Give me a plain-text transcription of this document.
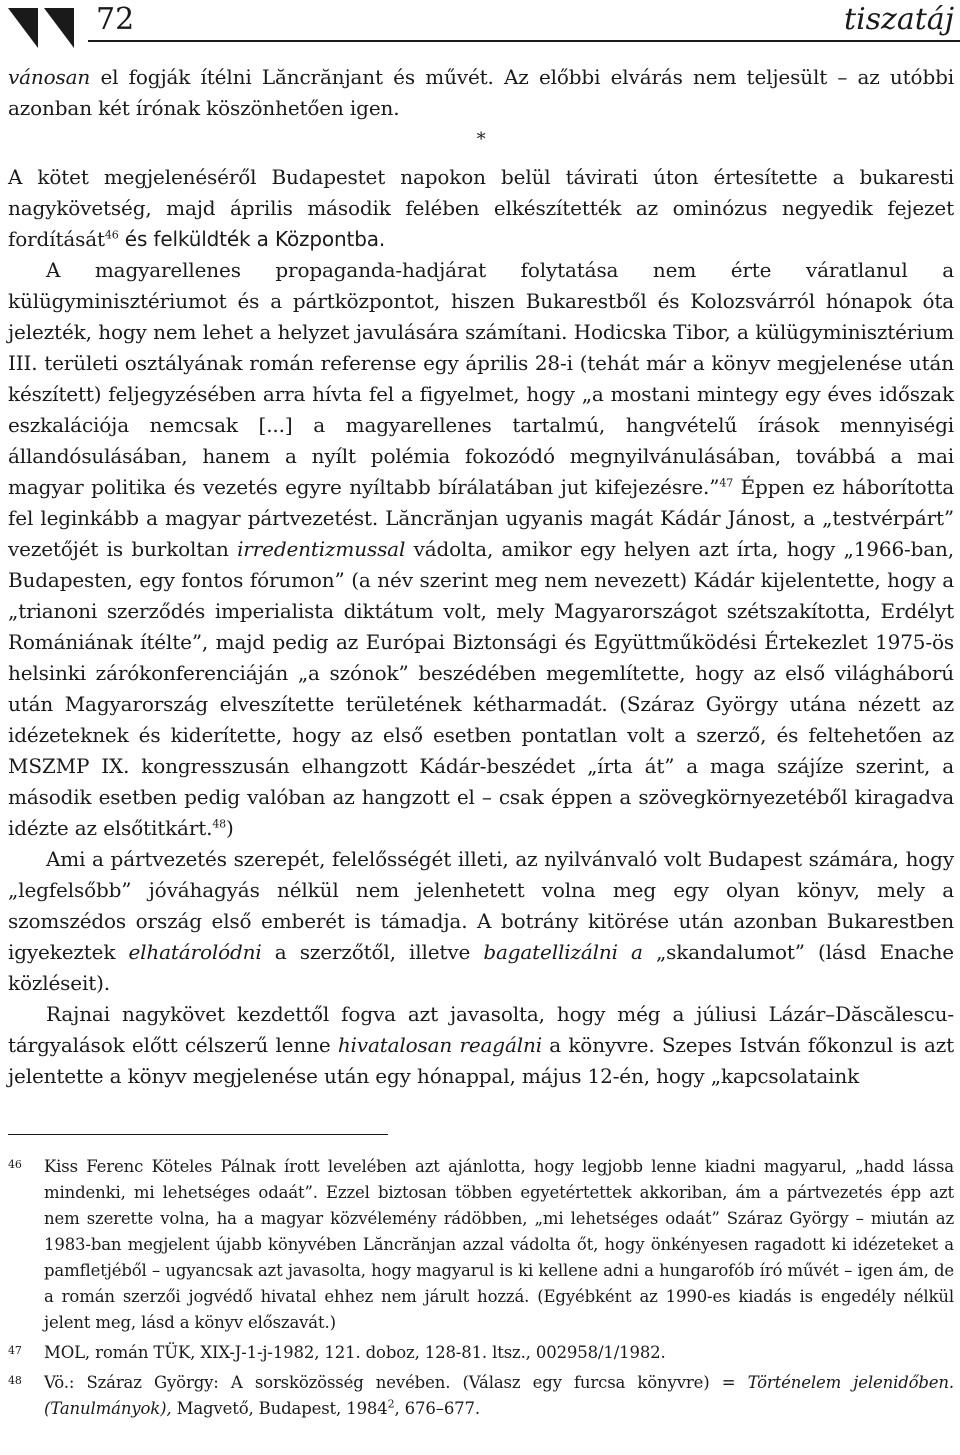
72	tiszatáj

vánosan el fogják ítélni Lăncrănjant és művét. Az előbbi elvárás nem teljesült – az utóbbi azonban két írónak köszönhetően igen.

*

A kötet megjelenéséről Budapestet napokon belül távirati úton értesítette a bukaresti nagykövetség, majd április második felében elkészítették az ominózus negyedik fejezet fordítását$^{46}$ és felküldték a Központba.

A magyarellenes propaganda-hadjárat folytatása nem érte váratlanul a külügyminisztériumot és a pártközpontot, hiszen Bukarestből és Kolozsvárról hónapok óta jelezték, hogy nem lehet a helyzet javulására számítani. Hodicska Tibor, a külügyminisztérium III. területi osztályának román referense egy április 28-i (tehát már a könyv megjelenése után készített) feljegyzésében arra hívta fel a figyelmet, hogy „a mostani mintegy egy éves időszak eszkalációja nemcsak [...] a magyarellenes tartalmú, hangvételű írások mennyiségi állandósulásában, hanem a nyílt polémia fokozódó megnyilvánulásában, továbbá a mai magyar politika és vezetés egyre nyíltabb bírálatában jut kifejezésre.”$^{47}$ Éppen ez háborította fel leginkább a magyar pártvezetést. Lăncrănjan ugyanis magát Kádár Jánost, a „testvérpárt” vezetőjét is burkoltan irredentizmussal vádolta, amikor egy helyen azt írta, hogy „1966-ban, Budapesten, egy fontos fórumon” (a név szerint meg nem nevezett) Kádár kijelentette, hogy a „trianoni szerződés imperialista diktátum volt, mely Magyarországot szétszakította, Erdélyt Romániának ítélte”, majd pedig az Európai Biztonsági és Együttműködési Értekezlet 1975-ös helsinki zárókonferenciáján „a szónok” beszédében megemlítette, hogy az első világháború után Magyarország elveszítette területének kétharmadát. (Száraz György utána nézett az idézeteknek és kiderítette, hogy az első esetben pontatlan volt a szerző, és feltehetően az MSZMP IX. kongresszusán elhangzott Kádár-beszédet „írta át” a maga szájíze szerint, a második esetben pedig valóban az hangzott el – csak éppen a szövegkörnyezetéből kiragadva idézte az elsőtitkárt.$^{48}$)

Ami a pártvezetés szerepét, felelősségét illeti, az nyilvánvaló volt Budapest számára, hogy „legfelsőbb” jóváhagyás nélkül nem jelenhetett volna meg egy olyan könyv, mely a szomszédos ország első emberét is támadja. A botrány kitörése után azonban Bukarestben igyekeztek elhatárolódni a szerzőtől, illetve bagatellizálni a „skandalumot” (lásd Enache közléseit).

Rajnai nagykövet kezdettől fogva azt javasolta, hogy még a júliusi Lázár–Dăscălescu-tárgyalások előtt célszerű lenne hivatalosan reagálni a könyvre. Szepes István főkonzul is azt jelentette a könyv megjelenése után egy hónappal, május 12-én, hogy „kapcsolataink

46	Kiss Ferenc Köteles Pálnak írott levelében azt ajánlotta, hogy legjobb lenne kiadni magyarul, „hadd lássa mindenki, mi lehetséges odaát”. Ezzel biztosan többen egyetértettek akkoriban, ám a pártvezetés épp azt nem szerette volna, ha a magyar közvélemény rádöbben, „mi lehetséges odaát” Száraz György – miután az 1983-ban megjelent újabb könyvében Lăncrănjan azzal vádolta őt, hogy önkényesen ragadott ki idézeteket a pamfletjéből – ugyancsak azt javasolta, hogy magyarul is ki kellene adni a hungarofób író művét – igen ám, de a román szerzői jogvédő hivatal ehhez nem járult hozzá. (Egyébként az 1990-es kiadás is engedély nélkül jelent meg, lásd a könyv előszavát.)
47	MOL, román TÜK, XIX-J-1-j-1982, 121. doboz, 128-81. ltsz., 002958/1/1982.
48	Vö.: Száraz György: A sorsközösség nevében. (Válasz egy furcsa könyvre) = Történelem jelenidőben. (Tanulmányok), Magvető, Budapest, 1984$^2$, 676–677.
